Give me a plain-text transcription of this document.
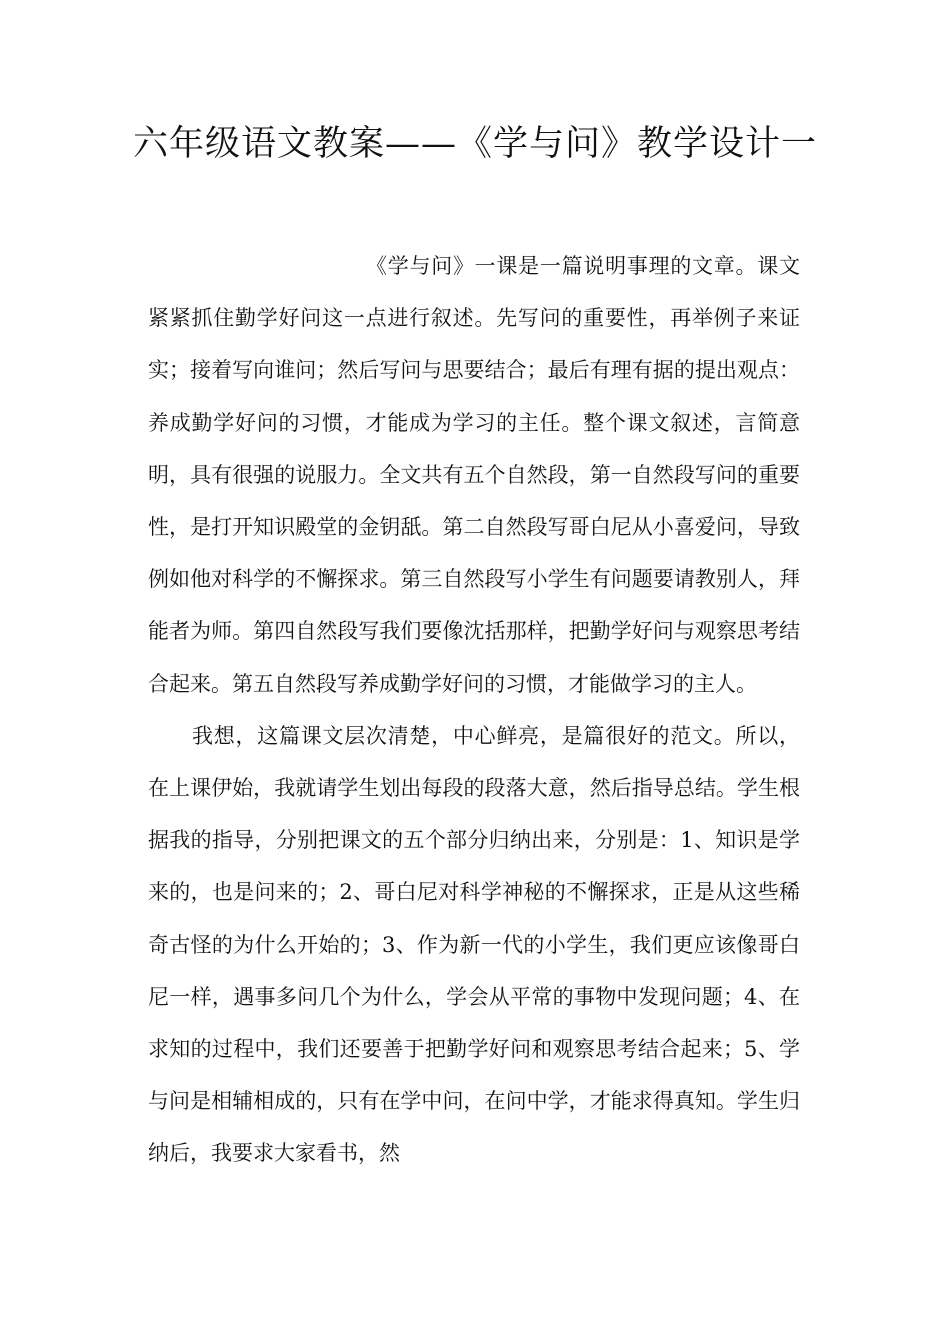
六年级语文教案——《学与问》教学设计一

《学与问》一课是一篇说明事理的文章。课文紧紧抓住勤学好问这一点进行叙述。先写问的重要性，再举例子来证实；接着写向谁问；然后写问与思要结合；最后有理有据的提出观点：养成勤学好问的习惯，才能成为学习的主任。整个课文叙述，言简意明，具有很强的说服力。全文共有五个自然段，第一自然段写问的重要性，是打开知识殿堂的金钥舐。第二自然段写哥白尼从小喜爱问，导致例如他对科学的不懈探求。第三自然段写小学生有问题要请教别人，拜能者为师。第四自然段写我们要像沈括那样，把勤学好问与观察思考结合起来。第五自然段写养成勤学好问的习惯，才能做学习的主人。

我想，这篇课文层次清楚，中心鲜亮，是篇很好的范文。所以，在上课伊始，我就请学生划出每段的段落大意，然后指导总结。学生根据我的指导，分别把课文的五个部分归纳出来，分别是：1、知识是学来的，也是问来的；2、哥白尼对科学神秘的不懈探求，正是从这些稀奇古怪的为什么开始的；3、作为新一代的小学生，我们更应该像哥白尼一样，遇事多问几个为什么，学会从平常的事物中发现问题；4、在求知的过程中，我们还要善于把勤学好问和观察思考结合起来；5、学与问是相辅相成的，只有在学中问，在问中学，才能求得真知。学生归纳后，我要求大家看书，然
